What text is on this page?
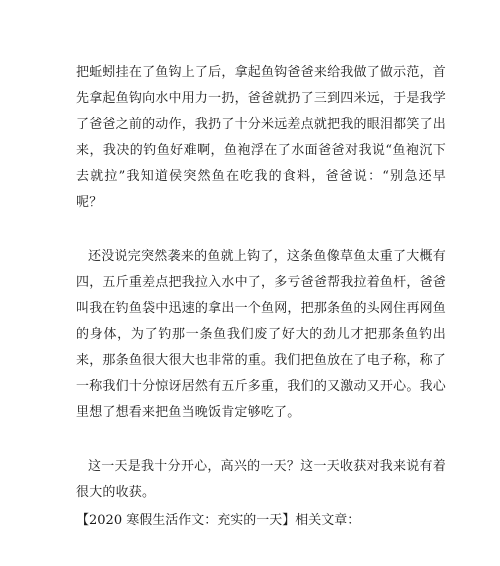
把蚯蚓挂在了鱼钩上了后，拿起鱼钩爸爸来给我做了做示范，首先拿起鱼钩向水中用力一扔，爸爸就扔了三到四米远，于是我学了爸爸之前的动作，我扔了十分米远差点就把我的眼泪都笑了出来，我决的钓鱼好难啊，鱼袍浮在了水面爸爸对我说“鱼袍沉下去就拉”我知道侯突然鱼在吃我的食料，爸爸说：“别急还早呢？

还没说完突然袭来的鱼就上钩了，这条鱼像草鱼太重了大概有四，五斤重差点把我拉入水中了，多亏爸爸帮我拉着鱼杆，爸爸叫我在钓鱼袋中迅速的拿出一个鱼网，把那条鱼的头网住再网鱼的身体，为了钓那一条鱼我们废了好大的劲儿才把那条鱼钓出来，那条鱼很大很大也非常的重。我们把鱼放在了电子称，称了一称我们十分惊讶居然有五斤多重，我们的又激动又开心。我心里想了想看来把鱼当晚饭肯定够吃了。

这一天是我十分开心，高兴的一天？这一天收获对我来说有着很大的收获。

【2020 寒假生活作文：充实的一天】相关文章：
